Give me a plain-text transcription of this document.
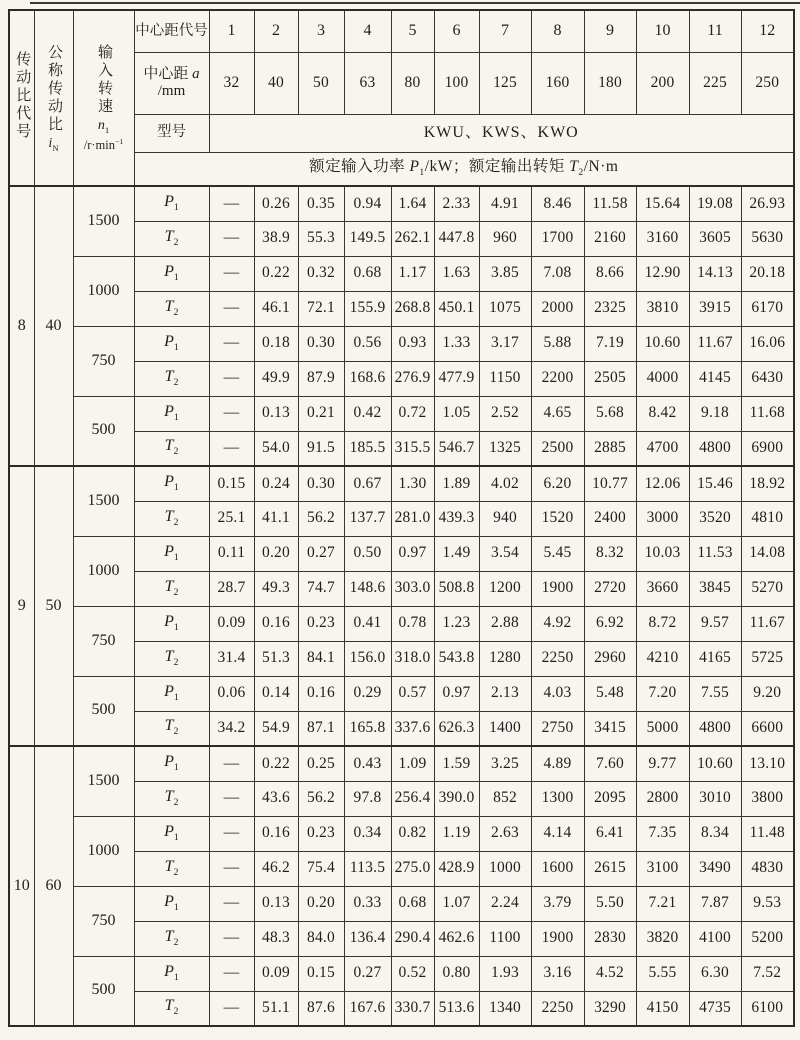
传动比代号	公称传动比
$i_N$	输入转速
$n_1$
$/r\cdot\min^{-1}$	中心距代号	1	2	3	4	5	6	7	8	9	10	11	12

			中心距 a
/mm	32	40	50	63	80	100	125	160	180	200	225	250
			型号	KWU、KWS、KWO											
			额定输入功率 $P_1/kW$；额定输出转矩 $T_2/N\cdot m$												
8	40	1500	$P_1$	—	0.26	0.35	0.94	1.64	2.33	4.91	8.46	11.58	15.64	19.08	26.93
			$T_2$	—	38.9	55.3	149.5	262.1	447.8	960	1700	2160	3160	3605	5630
		1000	$P_1$	—	0.22	0.32	0.68	1.17	1.63	3.85	7.08	8.66	12.90	14.13	20.18
			$T_2$	—	46.1	72.1	155.9	268.8	450.1	1075	2000	2325	3810	3915	6170
		750	$P_1$	—	0.18	0.30	0.56	0.93	1.33	3.17	5.88	7.19	10.60	11.67	16.06
			$T_2$	—	49.9	87.9	168.6	276.9	477.9	1150	2200	2505	4000	4145	6430
		500	$P_1$	—	0.13	0.21	0.42	0.72	1.05	2.52	4.65	5.68	8.42	9.18	11.68
			$T_2$	—	54.0	91.5	185.5	315.5	546.7	1325	2500	2885	4700	4800	6900
9	50	1500	$P_1$	0.15	0.24	0.30	0.67	1.30	1.89	4.02	6.20	10.77	12.06	15.46	18.92
			$T_2$	25.1	41.1	56.2	137.7	281.0	439.3	940	1520	2400	3000	3520	4810
		1000	$P_1$	0.11	0.20	0.27	0.50	0.97	1.49	3.54	5.45	8.32	10.03	11.53	14.08
			$T_2$	28.7	49.3	74.7	148.6	303.0	508.8	1200	1900	2720	3660	3845	5270
		750	$P_1$	0.09	0.16	0.23	0.41	0.78	1.23	2.88	4.92	6.92	8.72	9.57	11.67
			$T_2$	31.4	51.3	84.1	156.0	318.0	543.8	1280	2250	2960	4210	4165	5725
		500	$P_1$	0.06	0.14	0.16	0.29	0.57	0.97	2.13	4.03	5.48	7.20	7.55	9.20
			$T_2$	34.2	54.9	87.1	165.8	337.6	626.3	1400	2750	3415	5000	4800	6600
10	60	1500	$P_1$	—	0.22	0.25	0.43	1.09	1.59	3.25	4.89	7.60	9.77	10.60	13.10
			$T_2$	—	43.6	56.2	97.8	256.4	390.0	852	1300	2095	2800	3010	3800
		1000	$P_1$	—	0.16	0.23	0.34	0.82	1.19	2.63	4.14	6.41	7.35	8.34	11.48
			$T_2$	—	46.2	75.4	113.5	275.0	428.9	1000	1600	2615	3100	3490	4830
		750	$P_1$	—	0.13	0.20	0.33	0.68	1.07	2.24	3.79	5.50	7.21	7.87	9.53
			$T_2$	—	48.3	84.0	136.4	290.4	462.6	1100	1900	2830	3820	4100	5200
		500	$P_1$	—	0.09	0.15	0.27	0.52	0.80	1.93	3.16	4.52	5.55	6.30	7.52
			$T_2$	—	51.1	87.6	167.6	330.7	513.6	1340	2250	3290	4150	4735	6100
